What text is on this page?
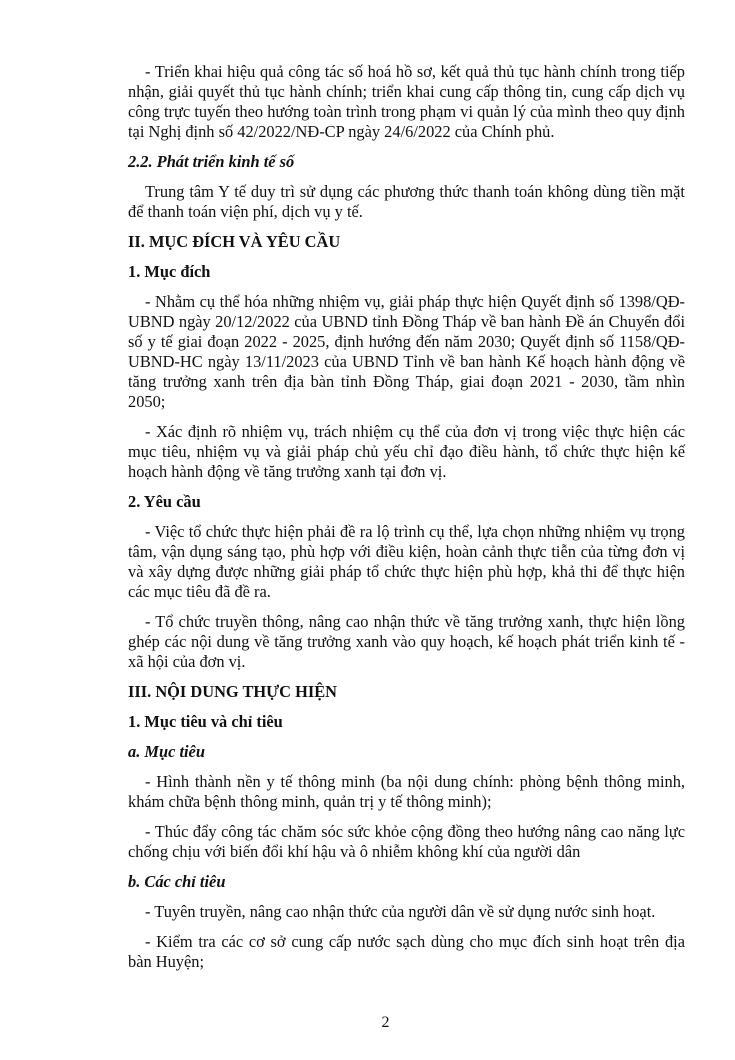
- Triển khai hiệu quả công tác số hoá hồ sơ, kết quả thủ tục hành chính trong tiếp nhận, giải quyết thủ tục hành chính; triển khai cung cấp thông tin, cung cấp dịch vụ công trực tuyến theo hướng toàn trình trong phạm vi quản lý của mình theo quy định tại Nghị định số 42/2022/NĐ-CP ngày 24/6/2022 của Chính phủ.

2.2. Phát triển kinh tế số

Trung tâm Y tế duy trì sử dụng các phương thức thanh toán không dùng tiền mặt để thanh toán viện phí, dịch vụ y tế.

II. MỤC ĐÍCH VÀ YÊU CẦU

1. Mục đích

- Nhằm cụ thể hóa những nhiệm vụ, giải pháp thực hiện Quyết định số 1398/QĐ-UBND ngày 20/12/2022 của UBND tỉnh Đồng Tháp về ban hành Đề án Chuyển đổi số y tế giai đoạn 2022 - 2025, định hướng đến năm 2030; Quyết định số 1158/QĐ-UBND-HC ngày 13/11/2023 của UBND Tỉnh về ban hành Kế hoạch hành động về tăng trưởng xanh trên địa bàn tỉnh Đồng Tháp, giai đoạn 2021 - 2030, tầm nhìn 2050;

- Xác định rõ nhiệm vụ, trách nhiệm cụ thể của đơn vị trong việc thực hiện các mục tiêu, nhiệm vụ và giải pháp chủ yếu chỉ đạo điều hành, tổ chức thực hiện kế hoạch hành động về tăng trưởng xanh tại đơn vị.

2. Yêu cầu

- Việc tổ chức thực hiện phải đề ra lộ trình cụ thể, lựa chọn những nhiệm vụ trọng tâm, vận dụng sáng tạo, phù hợp với điều kiện, hoàn cảnh thực tiễn của từng đơn vị và xây dựng được những giải pháp tổ chức thực hiện phù hợp, khả thi để thực hiện các mục tiêu đã đề ra.

- Tổ chức truyền thông, nâng cao nhận thức về tăng trưởng xanh, thực hiện lồng ghép các nội dung về tăng trưởng xanh vào quy hoạch, kế hoạch phát triển kinh tế - xã hội của đơn vị.

III. NỘI DUNG THỰC HIỆN

1. Mục tiêu và chỉ tiêu

a. Mục tiêu

- Hình thành nền y tế thông minh (ba nội dung chính: phòng bệnh thông minh, khám chữa bệnh thông minh, quản trị y tế thông minh);

- Thúc đẩy công tác chăm sóc sức khỏe cộng đồng theo hướng nâng cao năng lực chống chịu với biến đổi khí hậu và ô nhiễm không khí của người dân

b. Các chỉ tiêu

- Tuyên truyền, nâng cao nhận thức của người dân về sử dụng nước sinh hoạt.

- Kiểm tra các cơ sở cung cấp nước sạch dùng cho mục đích sinh hoạt trên địa bàn Huyện;

2
